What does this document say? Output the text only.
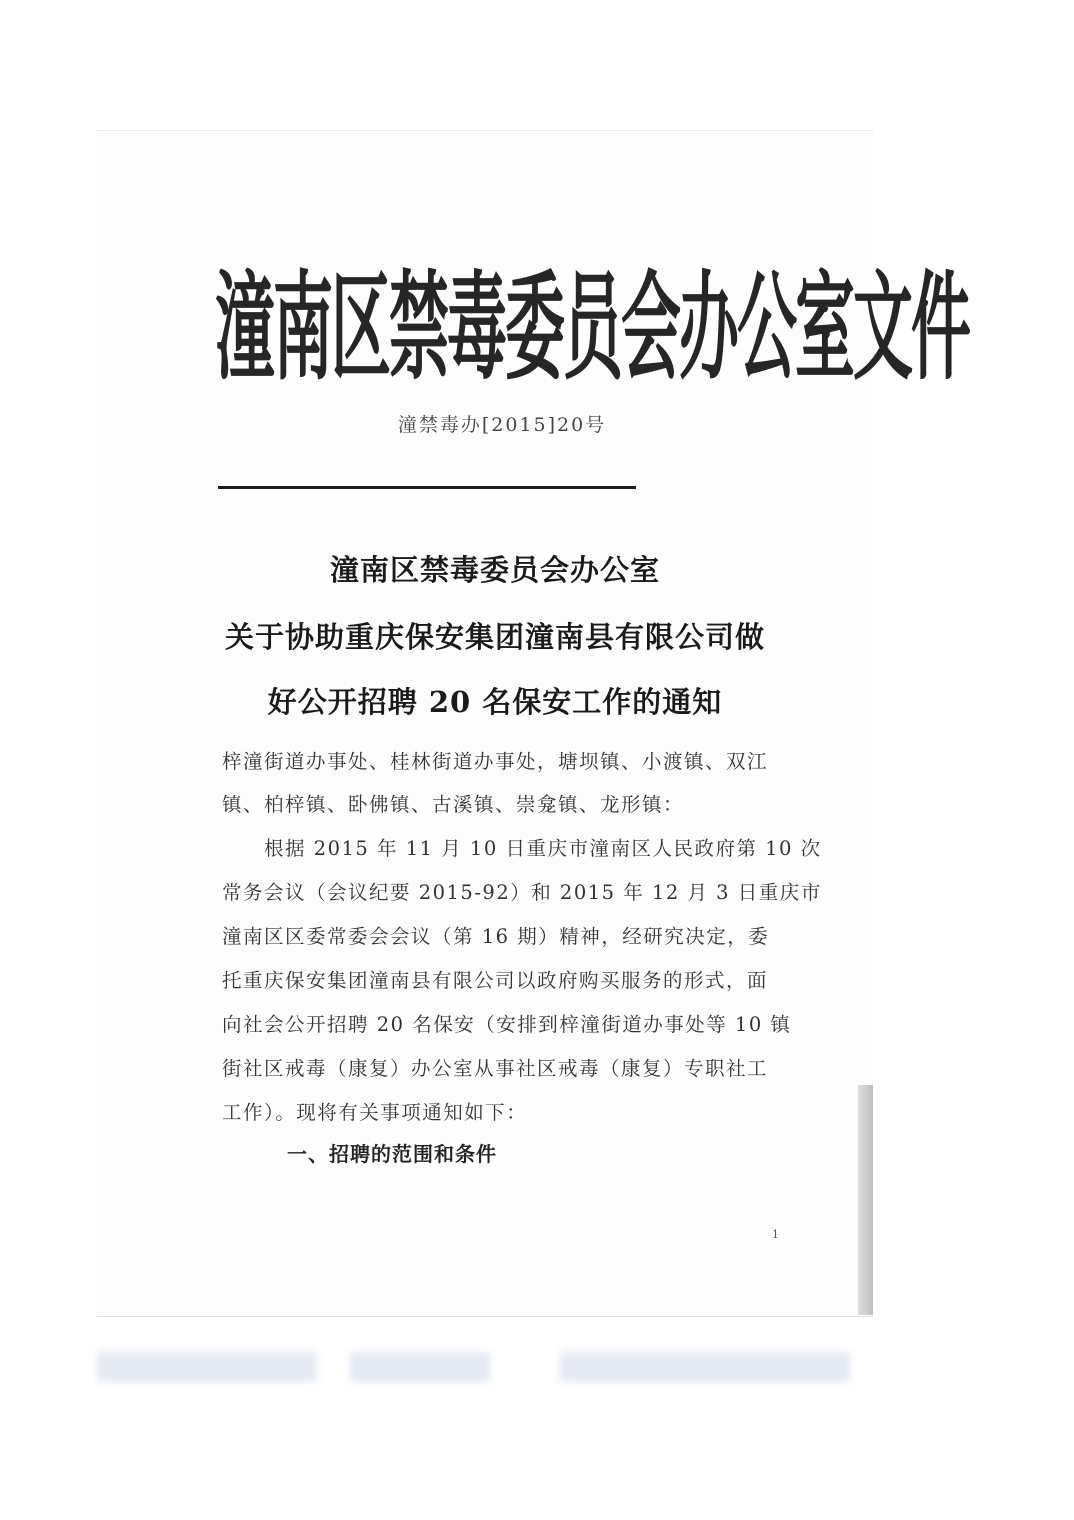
潼南区禁毒委员会办公室文件
潼禁毒办[2015]20号
潼南区禁毒委员会办公室
关于协助重庆保安集团潼南县有限公司做
好公开招聘 20 名保安工作的通知
梓潼街道办事处、桂林街道办事处，塘坝镇、小渡镇、双江
镇、柏梓镇、卧佛镇、古溪镇、崇龛镇、龙形镇：
　　根据 2015 年 11 月 10 日重庆市潼南区人民政府第 10 次
常务会议（会议纪要 2015-92）和 2015 年 12 月 3 日重庆市
潼南区区委常委会会议（第 16 期）精神，经研究决定，委
托重庆保安集团潼南县有限公司以政府购买服务的形式，面
向社会公开招聘 20 名保安（安排到梓潼街道办事处等 10 镇
街社区戒毒（康复）办公室从事社区戒毒（康复）专职社工
工作）。现将有关事项通知如下：
一、招聘的范围和条件
1
